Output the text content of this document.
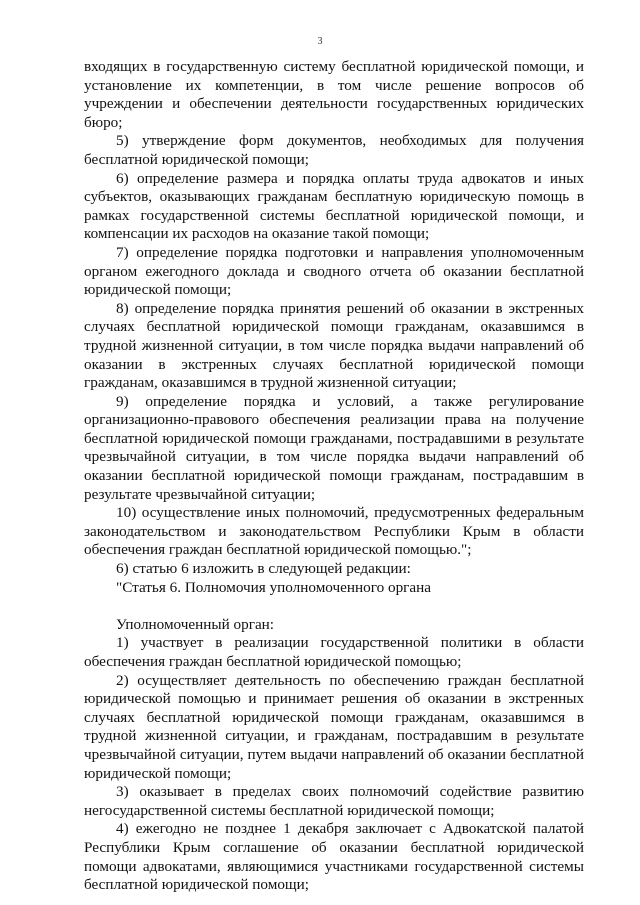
3

входящих в государственную систему бесплатной юридической помощи, и установление их компетенции, в том числе решение вопросов об учреждении и обеспечении деятельности государственных юридических бюро;

5) утверждение форм документов, необходимых для получения бесплатной юридической помощи;

6) определение размера и порядка оплаты труда адвокатов и иных субъектов, оказывающих гражданам бесплатную юридическую помощь в рамках государственной системы бесплатной юридической помощи, и компенсации их расходов на оказание такой помощи;

7) определение порядка подготовки и направления уполномоченным органом ежегодного доклада и сводного отчета об оказании бесплатной юридической помощи;

8) определение порядка принятия решений об оказании в экстренных случаях бесплатной юридической помощи гражданам, оказавшимся в трудной жизненной ситуации, в том числе порядка выдачи направлений об оказании в экстренных случаях бесплатной юридической помощи гражданам, оказавшимся в трудной жизненной ситуации;

9) определение порядка и условий, а также регулирование организационно-правового обеспечения реализации права на получение бесплатной юридической помощи гражданами, пострадавшими в результате чрезвычайной ситуации, в том числе порядка выдачи направлений об оказании бесплатной юридической помощи гражданам, пострадавшим в результате чрезвычайной ситуации;

10) осуществление иных полномочий, предусмотренных федеральным законодательством и законодательством Республики Крым в области обеспечения граждан бесплатной юридической помощью.";

6) статью 6 изложить в следующей редакции:

"Статья 6. Полномочия уполномоченного органа

Уполномоченный орган:

1) участвует в реализации государственной политики в области обеспечения граждан бесплатной юридической помощью;

2) осуществляет деятельность по обеспечению граждан бесплатной юридической помощью и принимает решения об оказании в экстренных случаях бесплатной юридической помощи гражданам, оказавшимся в трудной жизненной ситуации, и гражданам, пострадавшим в результате чрезвычайной ситуации, путем выдачи направлений об оказании бесплатной юридической помощи;

3) оказывает в пределах своих полномочий содействие развитию негосударственной системы бесплатной юридической помощи;

4) ежегодно не позднее 1 декабря заключает с Адвокатской палатой Республики Крым соглашение об оказании бесплатной юридической помощи адвокатами, являющимися участниками государственной системы бесплатной юридической помощи;
